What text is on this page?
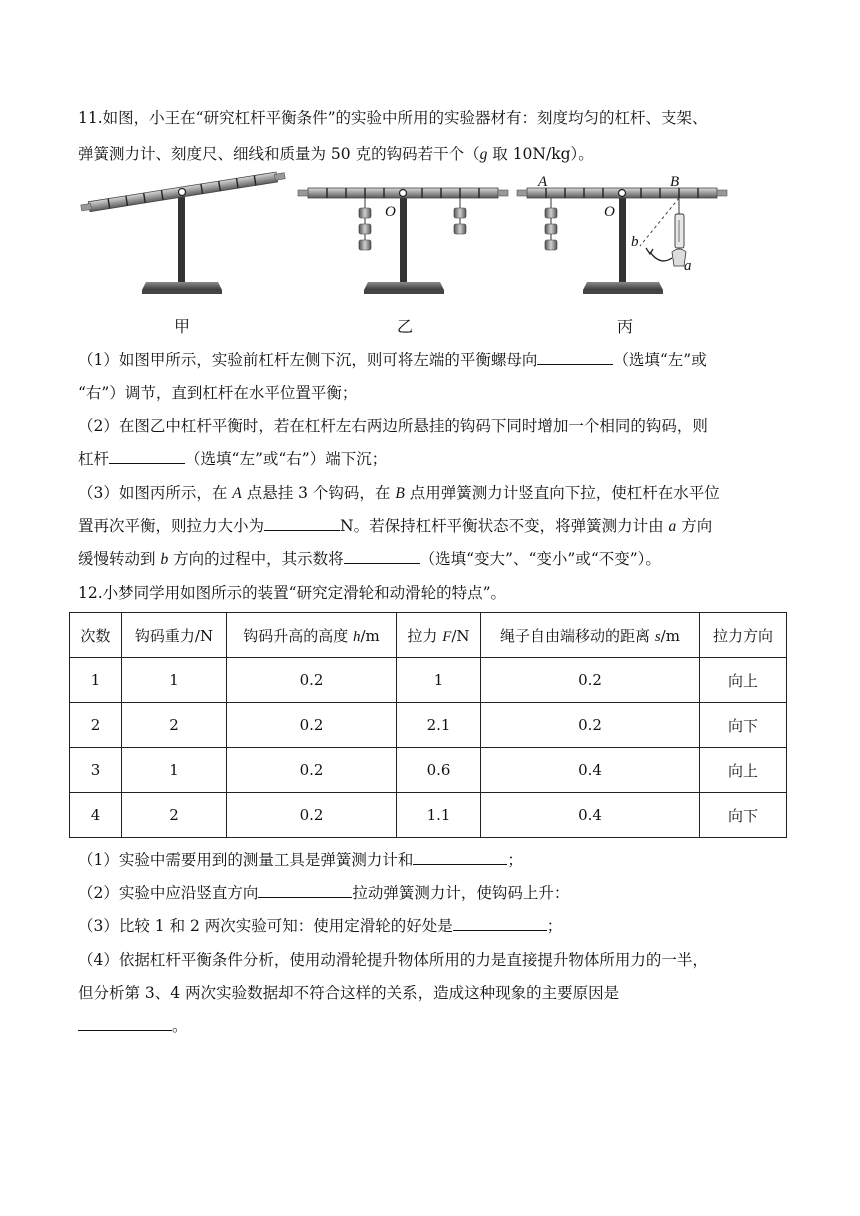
11.如图，小王在“研究杠杆平衡条件”的实验中所用的实验器材有：刻度均匀的杠杆、支架、
弹簧测力计、刻度尺、细线和质量为 50 克的钩码若干个（g 取 10N/kg）。
O
A	B
O
b
a
甲	乙	丙
（1）如图甲所示，实验前杠杆左侧下沉，则可将左端的平衡螺母向	（选填“左”或
“右”）调节，直到杠杆在水平位置平衡；
（2）在图乙中杠杆平衡时，若在杠杆左右两边所悬挂的钩码下同时增加一个相同的钩码，则
杠杆	（选填“左”或“右”）端下沉；
（3）如图丙所示，在 A 点悬挂 3 个钩码，在 B 点用弹簧测力计竖直向下拉，使杠杆在水平位
置再次平衡，则拉力大小为	N。若保持杠杆平衡状态不变，将弹簧测力计由 a 方向
缓慢转动到 b 方向的过程中，其示数将	（选填“变大”、“变小”或“不变”）。
12.小梦同学用如图所示的装置“研究定滑轮和动滑轮的特点”。
次数	钩码重力/N	钩码升高的高度 h/m	拉力 F/N	绳子自由端移动的距离 s/m	拉力方向
1	1	0.2	1	0.2	向上
2	2	0.2	2.1	0.2	向下
3	1	0.2	0.6	0.4	向上
4	2	0.2	1.1	0.4	向下
（1）实验中需要用到的测量工具是弹簧测力计和	；
（2）实验中应沿竖直方向	拉动弹簧测力计，使钩码上升：
（3）比较 1 和 2 两次实验可知：使用定滑轮的好处是	；
（4）依据杠杆平衡条件分析，使用动滑轮提升物体所用的力是直接提升物体所用力的一半，
但分析第 3、4 两次实验数据却不符合这样的关系，造成这种现象的主要原因是
。
